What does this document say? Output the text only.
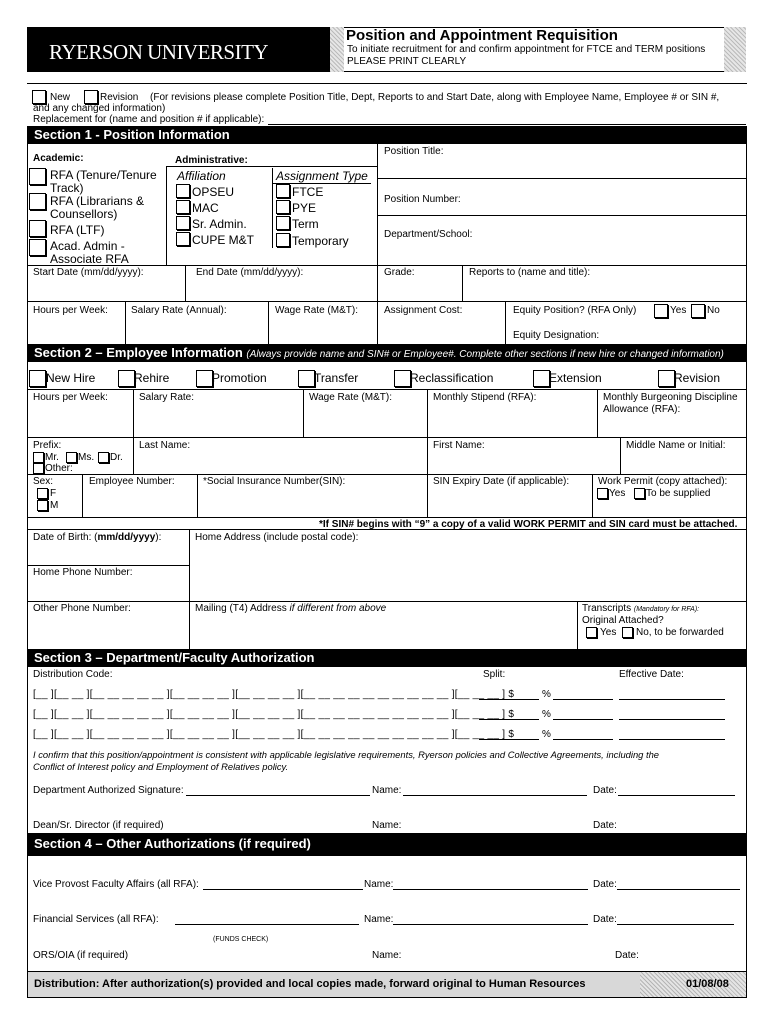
RYERSON UNIVERSITY
Position and Appointment Requisition
To initiate recruitment for and confirm appointment for FTCE and TERM positions
PLEASE PRINT CLEARLY
New	Revision (For revisions please complete Position Title, Dept, Reports to and Start Date, along with Employee Name, Employee # or SIN #,
and any changed information)
Replacement for (name and position # if applicable):
Section 1 - Position Information
Position Title:
Position Number:
Department/School:
Academic:	Administrative:
RFA (Tenure/Tenure
Track)
RFA (Librarians &
Counsellors)
RFA (LTF)
Acad. Admin -
Associate RFA
Affiliation	Assignment Type
OPSEU
MAC
Sr. Admin.
CUPE M&T
FTCE
PYE
Term
Temporary
Start Date (mm/dd/yyyy):	End Date (mm/dd/yyyy):	Grade:	Reports to (name and title):
Hours per Week: Salary Rate (Annual):	Wage Rate (M&T):	Assignment Cost:	Equity Position? (RFA Only)	Yes No
Equity Designation:
Section 2 – Employee Information (Always provide name and SIN# or Employee#. Complete other sections if new hire or changed information)
New Hire	Rehire	Promotion	Transfer	Reclassification	Extension	Revision
Hours per Week:	Salary Rate:	Wage Rate (M&T):	Monthly Stipend (RFA):	Monthly Burgeoning Discipline
Allowance (RFA):
Prefix:
Mr. Ms. Dr.
Other:
Last Name:	First Name:	Middle Name or Initial:
Sex:
F
M
Employee Number:	*Social Insurance Number(SIN):	SIN Expiry Date (if applicable):	Work Permit (copy attached):
Yes To be supplied
*If SIN# begins with “9” a copy of a valid WORK PERMIT and SIN card must be attached.
Date of Birth: (mm/dd/yyyy):	Home Address (include postal code):
Home Phone Number:
Other Phone Number:	Mailing (T4) Address if different from above	Transcripts (Mandatory for RFA):
Original Attached?
Yes No, to be forwarded
Section 3 – Department/Faculty Authorization
Distribution Code:	Split:	Effective Date:
[__ ][__ __ ][__ __ __ __ __ ][__ __ __ __ ][__ __ __ __ ][__ __ __ __ __ __ __ __ __ __ ][__ __ __ ] $	%
[__ ][__ __ ][__ __ __ __ __ ][__ __ __ __ ][__ __ __ __ ][__ __ __ __ __ __ __ __ __ __ ][__ __ __ ] $	%
[__ ][__ __ ][__ __ __ __ __ ][__ __ __ __ ][__ __ __ __ ][__ __ __ __ __ __ __ __ __ __ ][__ __ __ ] $	%
I confirm that this position/appointment is consistent with applicable legislative requirements, Ryerson policies and Collective Agreements, including the
Conflict of Interest policy and Employment of Relatives policy.
Department Authorized Signature:	Name:	Date:
Dean/Sr. Director (if required)	Name:	Date:
Section 4 – Other Authorizations (if required)
Vice Provost Faculty Affairs (all RFA):	Name:	Date:
Financial Services (all RFA):	Name:	Date:
(FUNDS CHECK)
ORS/OIA (if required)	Name:	Date:
Distribution: After authorization(s) provided and local copies made, forward original to Human Resources	01/08/08
